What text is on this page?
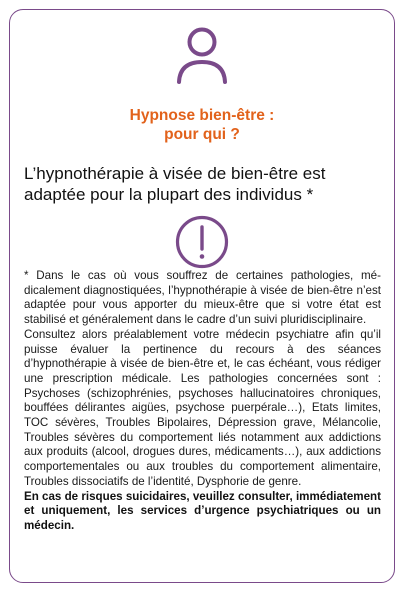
Hypnose bien-être :
pour qui ?

L’hypnothérapie à visée de bien-être est

adaptée pour la plupart des individus *

* Dans le cas où vous souffrez de certaines pathologies, médicalement diagnostiquées, l’hypnothérapie à visée de bien-être n’est adaptée pour vous apporter du mieux-être que si votre état est stabilisé et généralement dans le cadre d’un suivi pluridisciplinaire.

Consultez alors préalablement votre médecin psychiatre afin qu’il puisse évaluer la pertinence du recours à des séances d’hypnothérapie à visée de bien-être et, le cas échéant, vous rédiger une prescription médicale. Les pathologies concernées sont : Psychoses (schizophrénies, psychoses hallucinatoires chroniques, bouffées délirantes aigües, psychose puerpérale…), Etats limites, TOC sévères, Troubles Bipolaires, Dépression grave, Mélancolie, Troubles sévères du comportement liés notamment aux addictions aux produits (alcool, drogues dures, médicaments…), aux addictions comportementales ou aux troubles du comportement alimentaire, Troubles dissociatifs de l’identité, Dysphorie de genre.

En cas de risques suicidaires, veuillez consulter, immédiatement et uniquement, les services d’urgence psychiatriques ou un médecin.
